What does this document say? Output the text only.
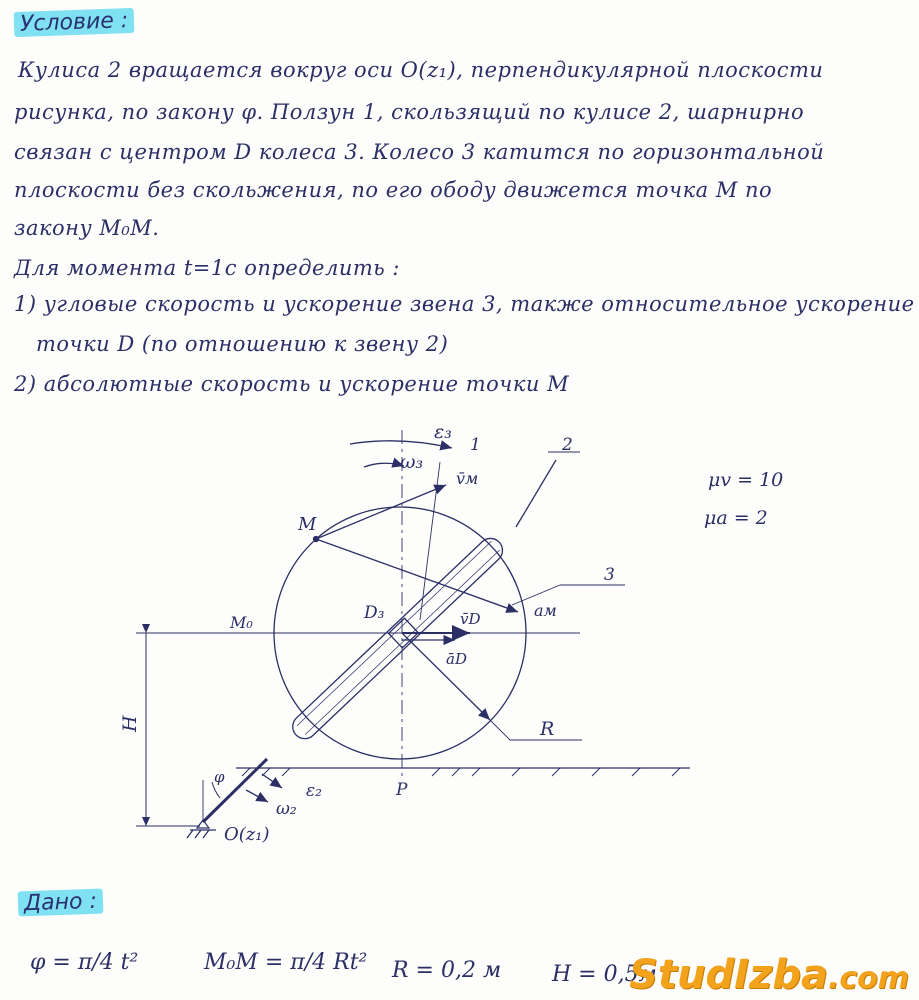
Условие :
Кулиса 2 вращается вокруг оси O(z₁), перпендикулярной плоскости
рисунка, по закону φ. Ползун 1, скользящий по кулисе 2, шарнирно
связан с центром D колеса 3. Колесо 3 катится по горизонтальной
плоскости без скольжения, по его ободу движется точка M по
закону M₀M.
Для момента t=1c определить :
1) угловые скорость и ускорение звена 3, также относительное ускорение
точки D (по отношению к звену 2)
2) абсолютные скорость и ускорение точки M
ε₃
1	2
3
ω₃
v̄м
M
M₀	D₃	v̄D
āD
aм
R
H
P
φ
ε₂
ω₂
O(z₁)
μv = 10
μa = 2
Дано :
φ = π/4 t²	M₀M = π/4 Rt² R = 0,2 м H = 0,5м
StudIzba.com
